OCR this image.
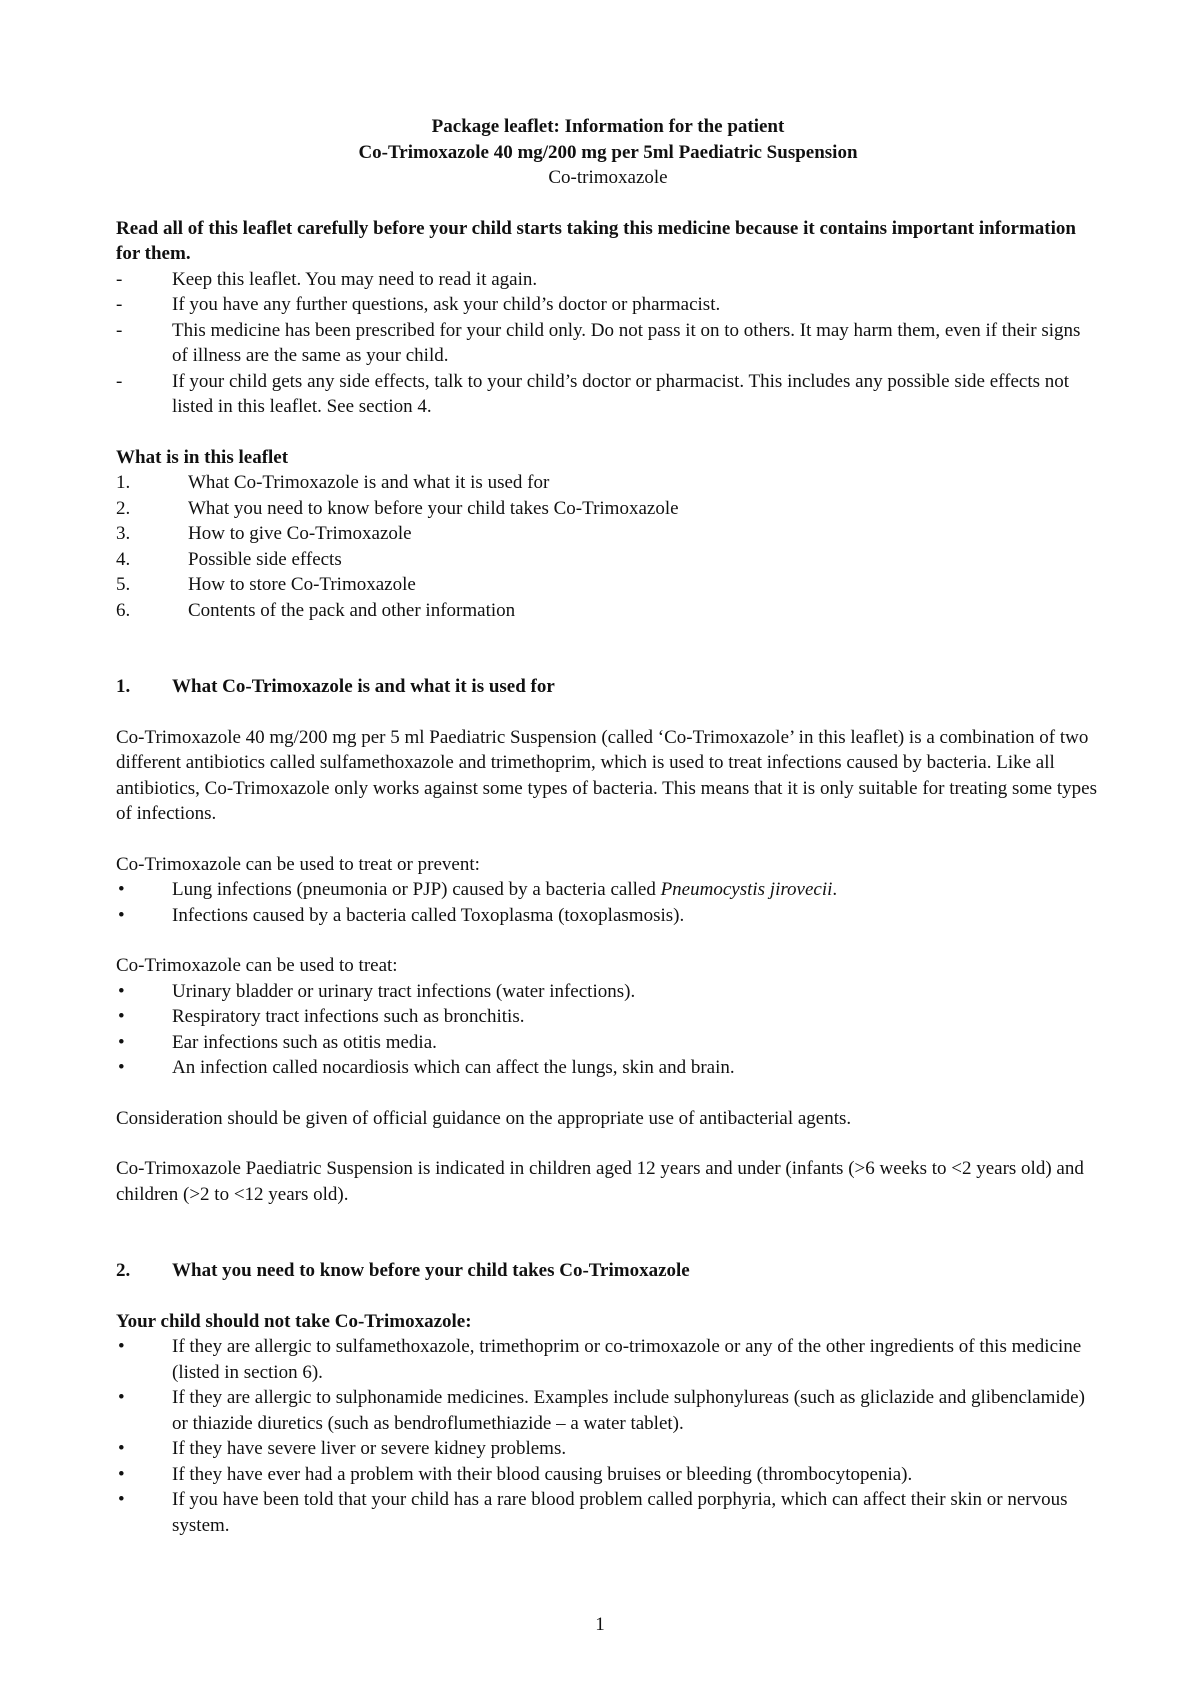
Package leaflet: Information for the patient

Co-Trimoxazole 40 mg/200 mg per 5ml Paediatric Suspension

Co-trimoxazole

Read all of this leaflet carefully before your child starts taking this medicine because it contains important information for them.

-	Keep this leaflet. You may need to read it again.
-	If you have any further questions, ask your child’s doctor or pharmacist.
-	This medicine has been prescribed for your child only. Do not pass it on to others. It may harm them, even if their signs of illness are the same as your child.
-	If your child gets any side effects, talk to your child’s doctor or pharmacist. This includes any possible side effects not listed in this leaflet. See section 4.

What is in this leaflet

1.	What Co-Trimoxazole is and what it is used for
2.	What you need to know before your child takes Co-Trimoxazole
3.	How to give Co-Trimoxazole
4.	Possible side effects
5.	How to store Co-Trimoxazole
6.	Contents of the pack and other information
1. What Co-Trimoxazole is and what it is used for

Co-Trimoxazole 40 mg/200 mg per 5 ml Paediatric Suspension (called ‘Co-Trimoxazole’ in this leaflet) is a combination of two different antibiotics called sulfamethoxazole and trimethoprim, which is used to treat infections caused by bacteria. Like all antibiotics, Co-Trimoxazole only works against some types of bacteria. This means that it is only suitable for treating some types of infections.

Co-Trimoxazole can be used to treat or prevent:

• Lung infections (pneumonia or PJP) caused by a bacteria called Pneumocystis jirovecii.
• Infections caused by a bacteria called Toxoplasma (toxoplasmosis).

Co-Trimoxazole can be used to treat:

• Urinary bladder or urinary tract infections (water infections).
• Respiratory tract infections such as bronchitis.
• Ear infections such as otitis media.
• An infection called nocardiosis which can affect the lungs, skin and brain.

Consideration should be given of official guidance on the appropriate use of antibacterial agents.

Co-Trimoxazole Paediatric Suspension is indicated in children aged 12 years and under (infants (>6 weeks to <2 years old) and children (>2 to <12 years old).

2. What you need to know before your child takes Co-Trimoxazole

Your child should not take Co-Trimoxazole:

• If they are allergic to sulfamethoxazole, trimethoprim or co-trimoxazole or any of the other ingredients of this medicine (listed in section 6).
• If they are allergic to sulphonamide medicines. Examples include sulphonylureas (such as gliclazide and glibenclamide) or thiazide diuretics (such as bendroflumethiazide – a water tablet).
• If they have severe liver or severe kidney problems.
• If they have ever had a problem with their blood causing bruises or bleeding (thrombocytopenia).
• If you have been told that your child has a rare blood problem called porphyria, which can affect their skin or nervous system.
1
